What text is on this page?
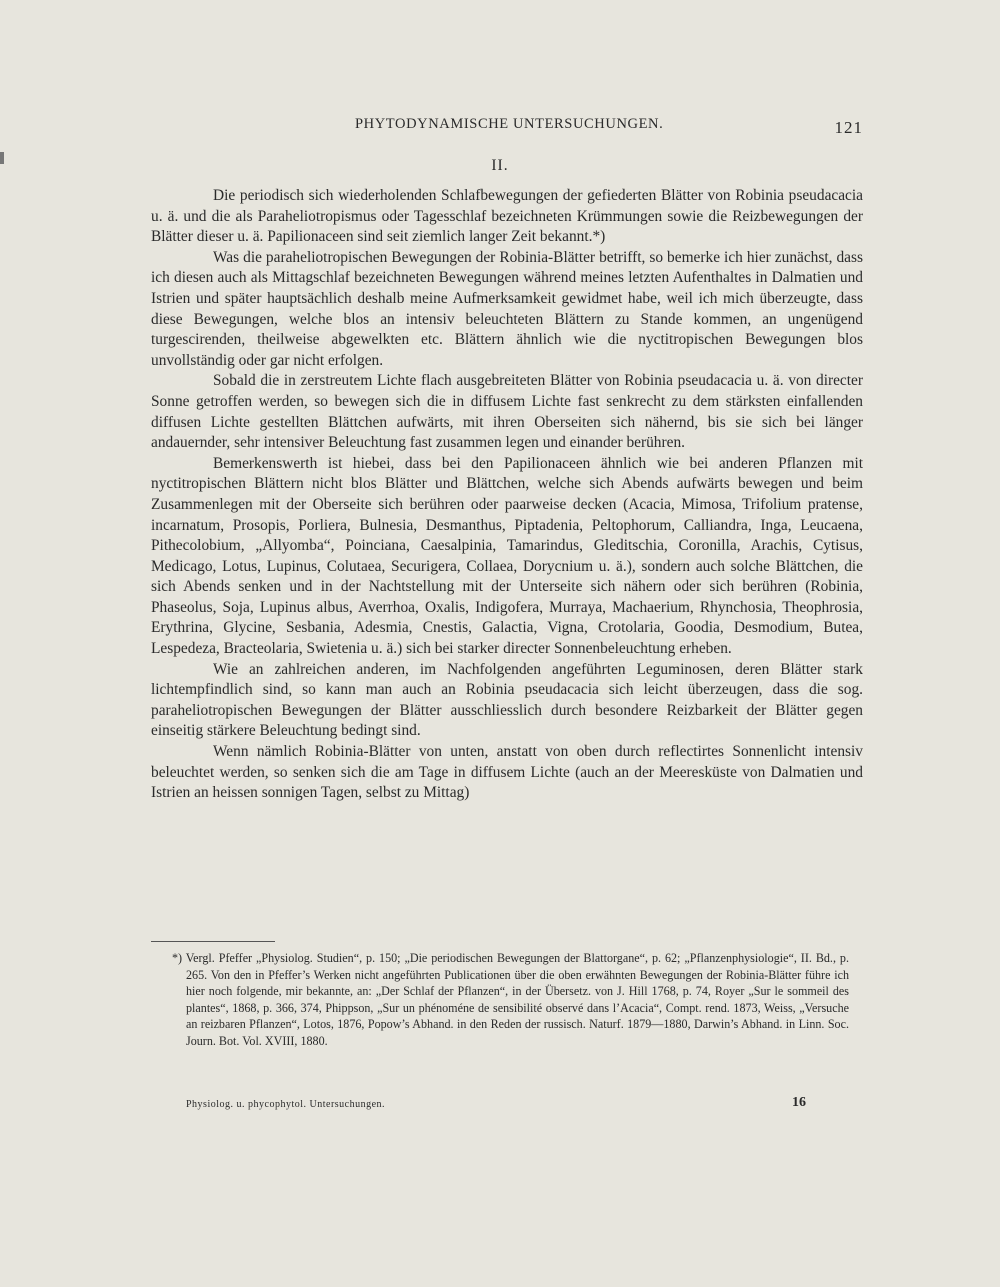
PHYTODYNAMISCHE UNTERSUCHUNGEN.	121
II.

Die periodisch sich wiederholenden Schlafbewegungen der gefiederten Blätter von Robinia pseudacacia u. ä. und die als Paraheliotropismus oder Tagesschlaf bezeichneten Krümmungen sowie die Reizbewegungen der Blätter dieser u. ä. Papilionaceen sind seit ziemlich langer Zeit bekannt.*)

Was die paraheliotropischen Bewegungen der Robinia-Blätter betrifft, so bemerke ich hier zunächst, dass ich diesen auch als Mittagschlaf bezeichneten Bewegungen während meines letzten Aufenthaltes in Dalmatien und Istrien und später hauptsächlich deshalb meine Aufmerksamkeit gewidmet habe, weil ich mich überzeugte, dass diese Bewegungen, welche blos an intensiv beleuchteten Blättern zu Stande kommen, an ungenügend turgescirenden, theilweise abgewelkten etc. Blättern ähnlich wie die nyctitropischen Bewegungen blos unvollständig oder gar nicht erfolgen.

Sobald die in zerstreutem Lichte flach ausgebreiteten Blätter von Robinia pseudacacia u. ä. von directer Sonne getroffen werden, so bewegen sich die in diffusem Lichte fast senkrecht zu dem stärksten einfallenden diffusen Lichte gestellten Blättchen aufwärts, mit ihren Oberseiten sich nähernd, bis sie sich bei länger andauernder, sehr intensiver Beleuchtung fast zusammen legen und einander berühren.

Bemerkenswerth ist hiebei, dass bei den Papilionaceen ähnlich wie bei anderen Pflanzen mit nyctitropischen Blättern nicht blos Blätter und Blättchen, welche sich Abends aufwärts bewegen und beim Zusammenlegen mit der Oberseite sich berühren oder paarweise decken (Acacia, Mimosa, Trifolium pratense, incarnatum, Prosopis, Porliera, Bulnesia, Desmanthus, Piptadenia, Peltophorum, Calliandra, Inga, Leucaena, Pithecolobium, „Allyomba“, Poinciana, Caesalpinia, Tamarindus, Gleditschia, Coronilla, Arachis, Cytisus, Medicago, Lotus, Lupinus, Colutaea, Securigera, Collaea, Dorycnium u. ä.), sondern auch solche Blättchen, die sich Abends senken und in der Nachtstellung mit der Unterseite sich nähern oder sich berühren (Robinia, Phaseolus, Soja, Lupinus albus, Averrhoa, Oxalis, Indigofera, Murraya, Machaerium, Rhynchosia, Theophrosia, Erythrina, Glycine, Sesbania, Adesmia, Cnestis, Galactia, Vigna, Crotolaria, Goodia, Desmodium, Butea, Lespedeza, Bracteolaria, Swietenia u. ä.) sich bei starker directer Sonnenbeleuchtung erheben.

Wie an zahlreichen anderen, im Nachfolgenden angeführten Leguminosen, deren Blätter stark lichtempfindlich sind, so kann man auch an Robinia pseudacacia sich leicht überzeugen, dass die sog. paraheliotropischen Bewegungen der Blätter ausschliesslich durch besondere Reizbarkeit der Blätter gegen einseitig stärkere Beleuchtung bedingt sind.

Wenn nämlich Robinia-Blätter von unten, anstatt von oben durch reflectirtes Sonnenlicht intensiv beleuchtet werden, so senken sich die am Tage in diffusem Lichte (auch an der Meeresküste von Dalmatien und Istrien an heissen sonnigen Tagen, selbst zu Mittag)

*) Vergl. Pfeffer „Physiolog. Studien“, p. 150; „Die periodischen Bewegungen der Blattorgane“, p. 62; „Pflanzenphysiologie“, II. Bd., p. 265. Von den in Pfeffer’s Werken nicht angeführten Publicationen über die oben erwähnten Bewegungen der Robinia-Blätter führe ich hier noch folgende, mir bekannte, an: „Der Schlaf der Pflanzen“, in der Übersetz. von J. Hill 1768, p. 74, Royer „Sur le sommeil des plantes“, 1868, p. 366, 374, Phippson, „Sur un phénoméne de sensibilité observé dans l’Acacia“, Compt. rend. 1873, Weiss, „Versuche an reizbaren Pflanzen“, Lotos, 1876, Popow’s Abhand. in den Reden der russisch. Naturf. 1879—1880, Darwin’s Abhand. in Linn. Soc. Journ. Bot. Vol. XVIII, 1880.
Physiolog. u. phycophytol. Untersuchungen.	16
